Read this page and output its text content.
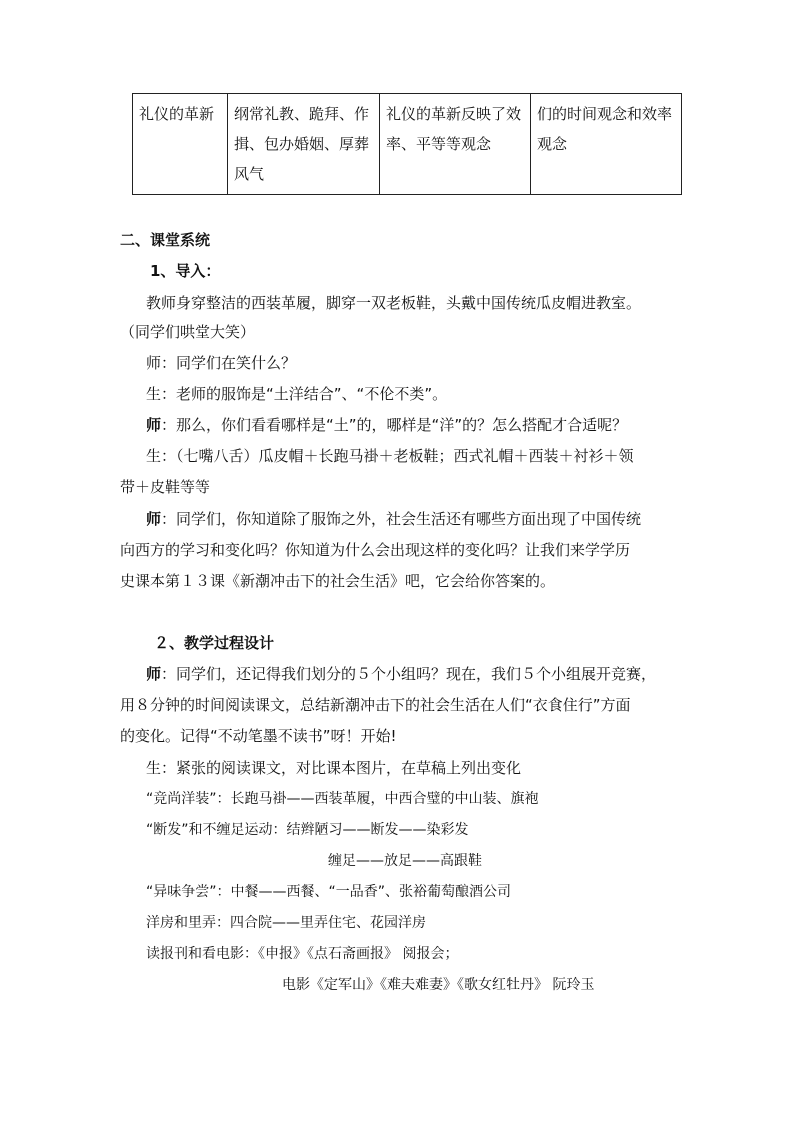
礼仪的革新	纲常礼教、跪拜、作揖、包办婚姻、厚葬风气	礼仪的革新反映了效率、平等等观念	们的时间观念和效率观念
二、课堂系统
1、导入：
教师身穿整洁的西装革履，脚穿一双老板鞋，头戴中国传统瓜皮帽进教室。
（同学们哄堂大笑）
师：同学们在笑什么？
生：老师的服饰是“土洋结合”、“不伦不类”。
师：那么，你们看看哪样是“土”的，哪样是“洋”的？怎么搭配才合适呢？
生：（七嘴八舌）瓜皮帽＋长跑马褂＋老板鞋；西式礼帽＋西装＋衬衫＋领
带＋皮鞋等等
师：同学们，你知道除了服饰之外，社会生活还有哪些方面出现了中国传统
向西方的学习和变化吗？你知道为什么会出现这样的变化吗？让我们来学学历
史课本第１３课《新潮冲击下的社会生活》吧，它会给你答案的。
２、教学过程设计
师：同学们，还记得我们划分的５个小组吗？现在，我们５个小组展开竞赛，
用８分钟的时间阅读课文，总结新潮冲击下的社会生活在人们“衣食住行”方面
的变化。记得“不动笔墨不读书”呀！开始!
生：紧张的阅读课文，对比课本图片，在草稿上列出变化
“竞尚洋装”：长跑马褂——西装革履，中西合璧的中山装、旗袍
“断发”和不缠足运动：结辫陋习——断发——染彩发
缠足——放足——高跟鞋
“异味争尝”：中餐——西餐、“一品香”、张裕葡萄酿酒公司
洋房和里弄：四合院——里弄住宅、花园洋房
读报刊和看电影：《申报》《点石斋画报》 阅报会；
电影《定军山》《难夫难妻》《歌女红牡丹》 阮玲玉
